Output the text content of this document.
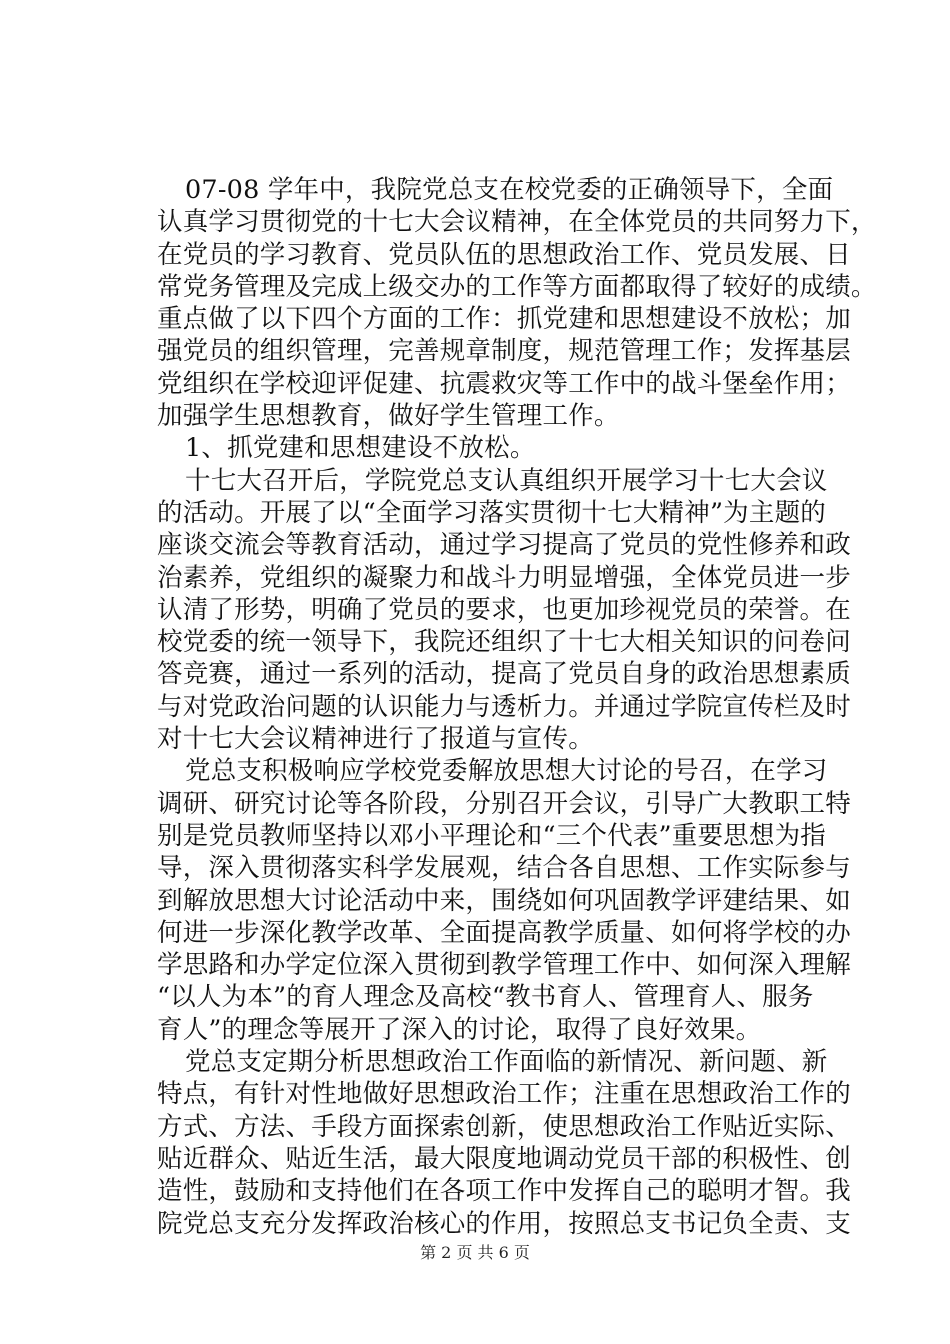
07-08 学年中，我院党总支在校党委的正确领导下，全面
认真学习贯彻党的十七大会议精神，在全体党员的共同努力下，
在党员的学习教育、党员队伍的思想政治工作、党员发展、日
常党务管理及完成上级交办的工作等方面都取得了较好的成绩。
重点做了以下四个方面的工作：抓党建和思想建设不放松；加
强党员的组织管理，完善规章制度，规范管理工作；发挥基层
党组织在学校迎评促建、抗震救灾等工作中的战斗堡垒作用；
加强学生思想教育，做好学生管理工作。
1、抓党建和思想建设不放松。
十七大召开后，学院党总支认真组织开展学习十七大会议
的活动。开展了以“全面学习落实贯彻十七大精神”为主题的
座谈交流会等教育活动，通过学习提高了党员的党性修养和政
治素养，党组织的凝聚力和战斗力明显增强，全体党员进一步
认清了形势，明确了党员的要求，也更加珍视党员的荣誉。在
校党委的统一领导下，我院还组织了十七大相关知识的问卷问
答竞赛，通过一系列的活动，提高了党员自身的政治思想素质
与对党政治问题的认识能力与透析力。并通过学院宣传栏及时
对十七大会议精神进行了报道与宣传。
党总支积极响应学校党委解放思想大讨论的号召，在学习
调研、研究讨论等各阶段，分别召开会议，引导广大教职工特
别是党员教师坚持以邓小平理论和“三个代表”重要思想为指
导，深入贯彻落实科学发展观，结合各自思想、工作实际参与
到解放思想大讨论活动中来，围绕如何巩固教学评建结果、如
何进一步深化教学改革、全面提高教学质量、如何将学校的办
学思路和办学定位深入贯彻到教学管理工作中、如何深入理解
“以人为本”的育人理念及高校“教书育人、管理育人、服务
育人”的理念等展开了深入的讨论，取得了良好效果。
党总支定期分析思想政治工作面临的新情况、新问题、新
特点，有针对性地做好思想政治工作；注重在思想政治工作的
方式、方法、手段方面探索创新，使思想政治工作贴近实际、
贴近群众、贴近生活，最大限度地调动党员干部的积极性、创
造性，鼓励和支持他们在各项工作中发挥自己的聪明才智。我
院党总支充分发挥政治核心的作用，按照总支书记负全责、支
第 2 页 共 6 页
